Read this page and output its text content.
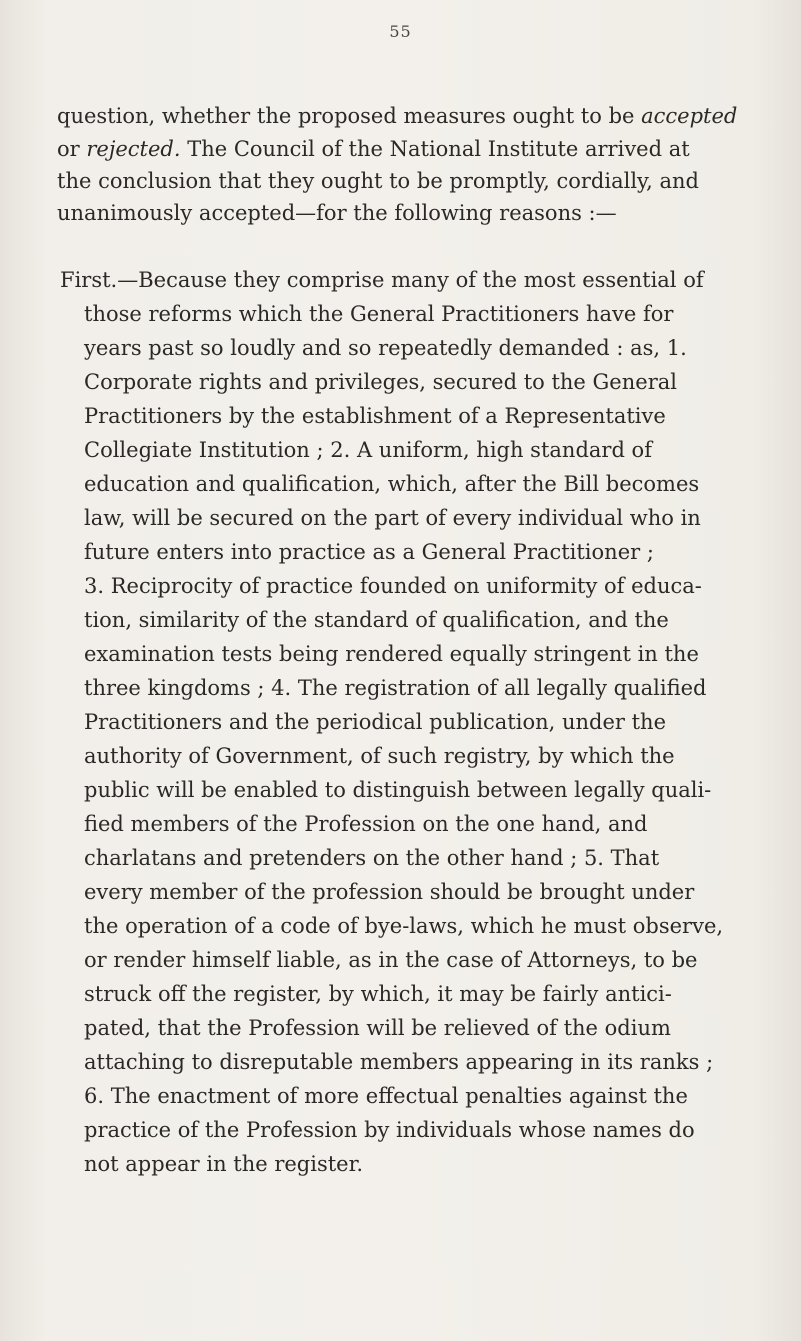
55
question, whether the proposed measures ought to be accepted
or rejected. The Council of the National Institute arrived at
the conclusion that they ought to be promptly, cordially, and
unanimously accepted—for the following reasons :—
First.—Because they comprise many of the most essential of
those reforms which the General Practitioners have for
years past so loudly and so repeatedly demanded : as, 1.
Corporate rights and privileges, secured to the General
Practitioners by the establishment of a Representative
Collegiate Institution ; 2. A uniform, high standard of
education and qualification, which, after the Bill becomes
law, will be secured on the part of every individual who in
future enters into practice as a General Practitioner ;
3. Reciprocity of practice founded on uniformity of educa-
tion, similarity of the standard of qualification, and the
examination tests being rendered equally stringent in the
three kingdoms ; 4. The registration of all legally qualified
Practitioners and the periodical publication, under the
authority of Government, of such registry, by which the
public will be enabled to distinguish between legally quali-
fied members of the Profession on the one hand, and
charlatans and pretenders on the other hand ; 5. That
every member of the profession should be brought under
the operation of a code of bye-laws, which he must observe,
or render himself liable, as in the case of Attorneys, to be
struck off the register, by which, it may be fairly antici-
pated, that the Profession will be relieved of the odium
attaching to disreputable members appearing in its ranks ;
6. The enactment of more effectual penalties against the
practice of the Profession by individuals whose names do
not appear in the register.
